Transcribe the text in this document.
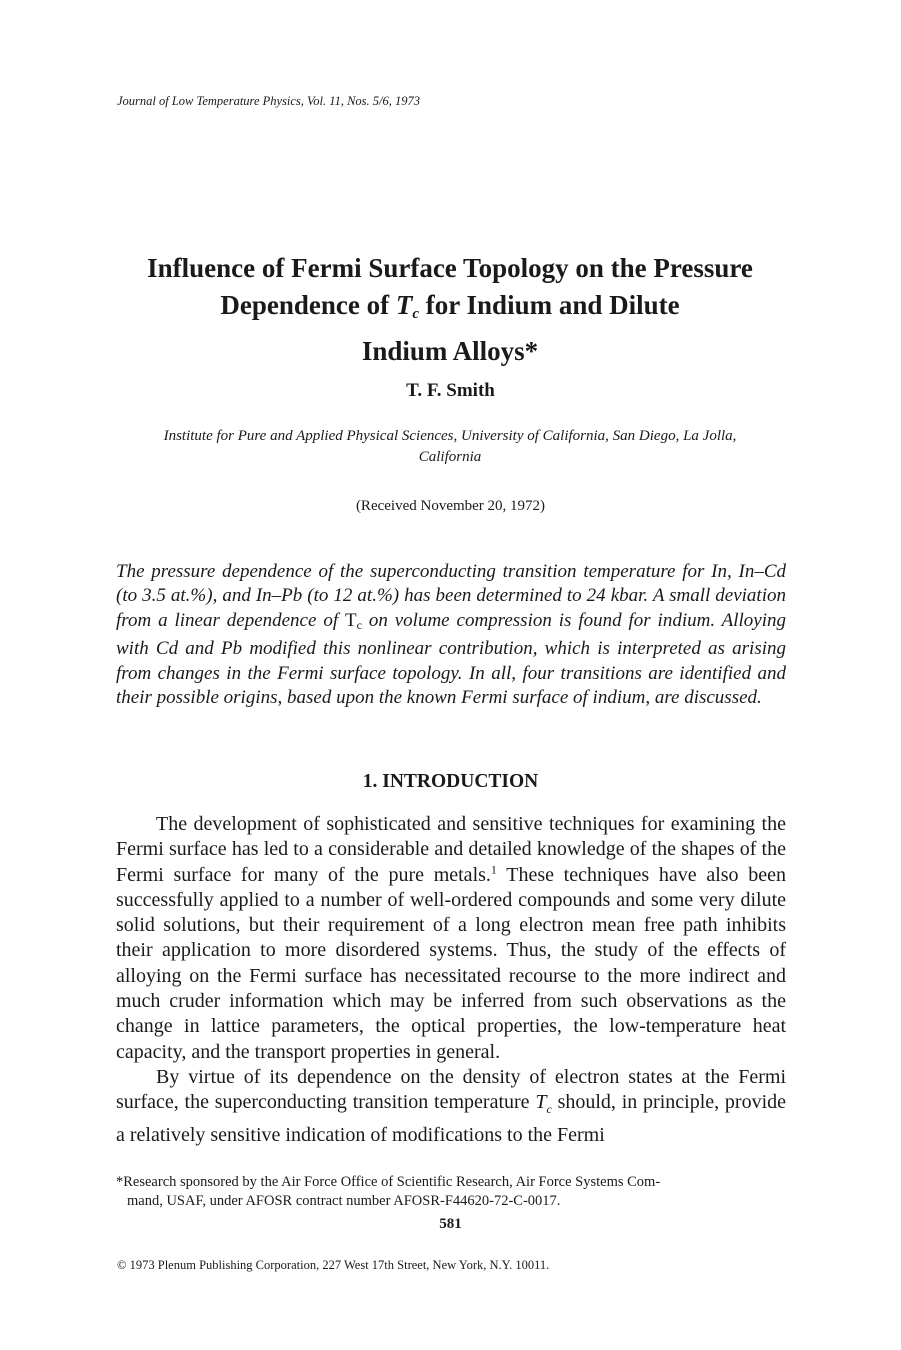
Journal of Low Temperature Physics, Vol. 11, Nos. 5/6, 1973
Influence of Fermi Surface Topology on the Pressure
Dependence of Tc for Indium and Dilute
Indium Alloys*
T. F. Smith
Institute for Pure and Applied Physical Sciences, University of California, San Diego, La Jolla,
California
(Received November 20, 1972)
The pressure dependence of the superconducting transition temperature for In, In–Cd (to 3.5 at.%), and In–Pb (to 12 at.%) has been determined to 24 kbar. A small deviation from a linear dependence of $T_c$ on volume compression is found for indium. Alloying with Cd and Pb modified this nonlinear contribution, which is interpreted as arising from changes in the Fermi surface topology. In all, four transitions are identified and their possible origins, based upon the known Fermi surface of indium, are discussed.
1. INTRODUCTION

The development of sophisticated and sensitive techniques for examining the Fermi surface has led to a considerable and detailed knowledge of the shapes of the Fermi surface for many of the pure metals.$^1$ These techniques have also been successfully applied to a number of well-ordered compounds and some very dilute solid solutions, but their requirement of a long electron mean free path inhibits their application to more disordered systems. Thus, the study of the effects of alloying on the Fermi surface has necessitated recourse to the more indirect and much cruder information which may be inferred from such observations as the change in lattice parameters, the optical properties, the low-temperature heat capacity, and the transport properties in general.

By virtue of its dependence on the density of electron states at the Fermi surface, the superconducting transition temperature $T_c$ should, in principle, provide a relatively sensitive indication of modifications to the Fermi

*Research sponsored by the Air Force Office of Scientific Research, Air Force Systems Com-
mand, USAF, under AFOSR contract number AFOSR-F44620-72-C-0017.
581
© 1973 Plenum Publishing Corporation, 227 West 17th Street, New York, N.Y. 10011.
